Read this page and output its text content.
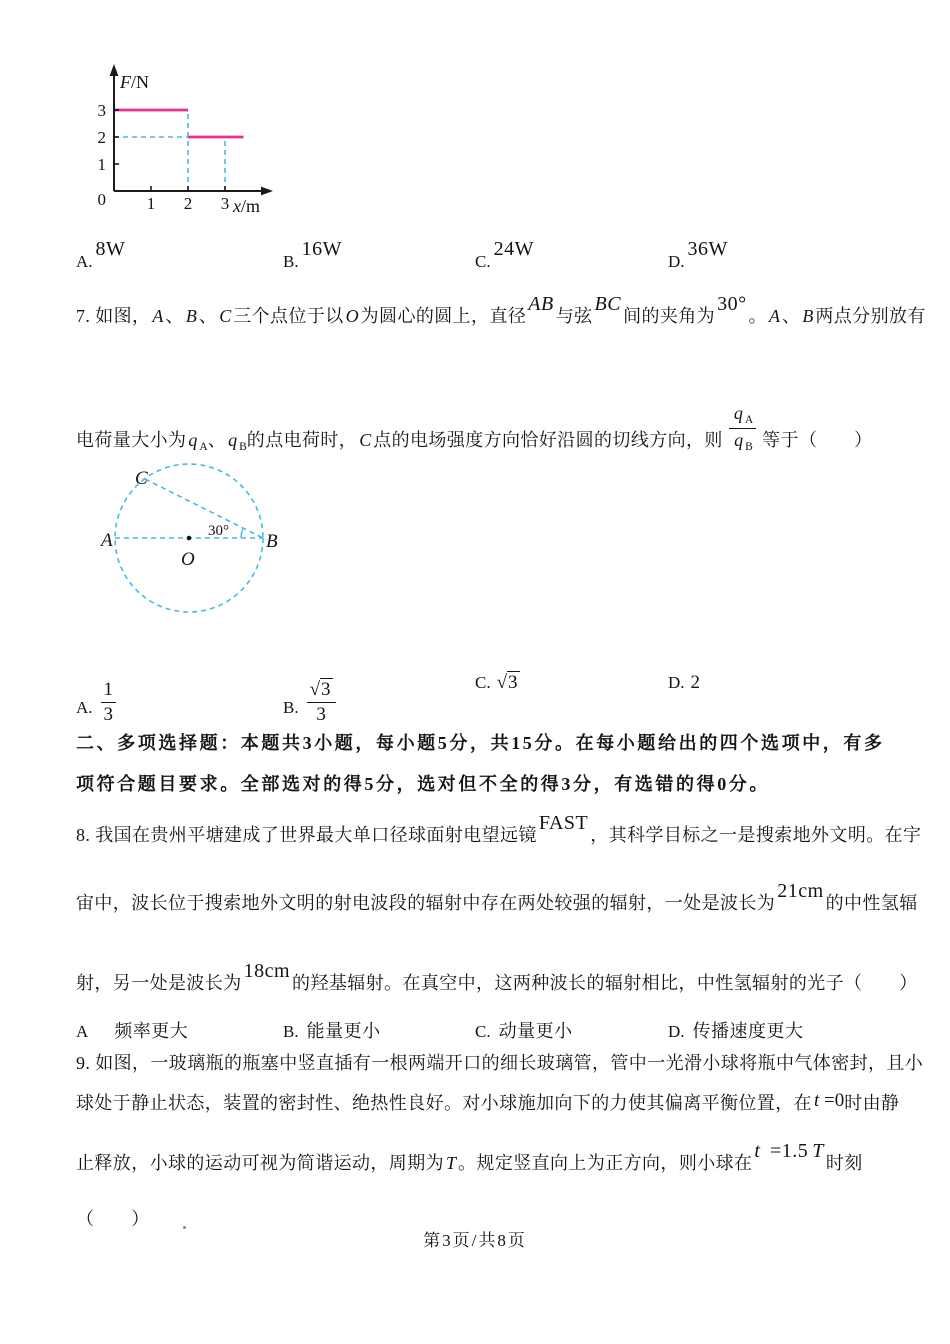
1 2 3
1
2
3
0
F/N
x/m
A.8W
B.16W
C.24W
D.36W
7. 如图， A 、 B 、 C 三个点位于以 O 为圆心的圆上，直径AB与弦BC间的夹角为30°。 A 、 B 两点分别放有
电荷量大小为 q $_A$、 q $_B$的点电荷时， C 点的电场强度方向恰好沿圆的切线方向，则 $\frac{q _A}{q _B}$ 等于（　　）
A	B
C
O
30°
A. $\frac{1}{3}$	B. $\frac{√3}{3}$	C. √3	D. 2
二、多项选择题：本题共3小题，每小题5分，共15分。在每小题给出的四个选项中，有多
项符合题目要求。全部选对的得5分，选对但不全的得3分，有选错的得0分。
8. 我国在贵州平塘建成了世界最大单口径球面射电望远镜FAST，其科学目标之一是搜索地外文明。在宇
宙中，波长位于搜索地外文明的射电波段的辐射中存在两处较强的辐射，一处是波长为21cm的中性氢辐
射，另一处是波长为18cm的羟基辐射。在真空中，这两种波长的辐射相比，中性氢辐射的光子（　　）
A 频率更大	B. 能量更小	C. 动量更小	D. 传播速度更大
9. 如图，一玻璃瓶的瓶塞中竖直插有一根两端开口的细长玻璃管，管中一光滑小球将瓶中气体密封，且小
球处于静止状态，装置的密封性、绝热性良好。对小球施加向下的力使其偏离平衡位置，在 t =0时由静
止释放，小球的运动可视为简谐运动，周期为 T 。规定竖直向上为正方向，则小球在t =1.5 T时刻
（　　）
第3页/共8页
